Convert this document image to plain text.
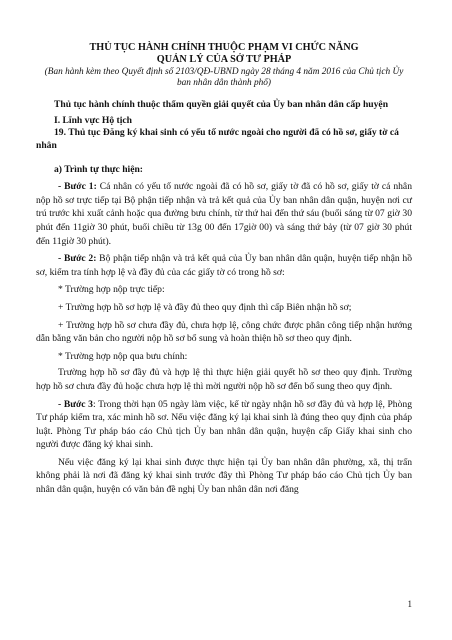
THỦ TỤC HÀNH CHÍNH THUỘC PHẠM VI CHỨC NĂNG

QUẢN LÝ CỦA SỞ TƯ PHÁP

(Ban hành kèm theo Quyết định số 2103/QĐ-UBND ngày 28 tháng 4 năm 2016 của Chủ tịch Ủy ban nhân dân thành phố)

Thủ tục hành chính thuộc thẩm quyền giải quyết của Ủy ban nhân dân cấp huyện

I. Lĩnh vực Hộ tịch

19. Thủ tục Đăng ký khai sinh có yếu tố nước ngoài cho người đã có hồ sơ, giấy tờ cá nhân

a) Trình tự thực hiện:

- Bước 1: Cá nhân có yếu tố nước ngoài đã có hồ sơ, giấy tờ đã có hồ sơ, giấy tờ cá nhân nộp hồ sơ trực tiếp tại Bộ phận tiếp nhận và trả kết quả của Ủy ban nhân dân quận, huyện nơi cư trú trước khi xuất cảnh hoặc qua đường bưu chính, từ thứ hai đến thứ sáu (buổi sáng từ 07 giờ 30 phút đến 11giờ 30 phút, buổi chiều từ 13g 00 đến 17giờ 00) và sáng thứ bảy (từ 07 giờ 30 phút đến 11giờ 30 phút).

- Bước 2: Bộ phận tiếp nhận và trả kết quả của Ủy ban nhân dân quận, huyện tiếp nhận hồ sơ, kiểm tra tính hợp lệ và đầy đủ của các giấy tờ có trong hồ sơ:

* Trường hợp nộp trực tiếp:

+ Trường hợp hồ sơ hợp lệ và đầy đủ theo quy định thì cấp Biên nhận hồ sơ;

+ Trường hợp hồ sơ chưa đầy đủ, chưa hợp lệ, công chức được phân công tiếp nhận hướng dẫn bằng văn bản cho người nộp hồ sơ bổ sung và hoàn thiện hồ sơ theo quy định.

* Trường hợp nộp qua bưu chính:

Trường hợp hồ sơ đầy đủ và hợp lệ thì thực hiện giải quyết hồ sơ theo quy định. Trường hợp hồ sơ chưa đầy đủ hoặc chưa hợp lệ thì mời người nộp hồ sơ đến bổ sung theo quy định.

- Bước 3: Trong thời hạn 05 ngày làm việc, kể từ ngày nhận hồ sơ đầy đủ và hợp lệ, Phòng Tư pháp kiểm tra, xác minh hồ sơ. Nếu việc đăng ký lại khai sinh là đúng theo quy định của pháp luật. Phòng Tư pháp báo cáo Chủ tịch Ủy ban nhân dân quận, huyện cấp Giấy khai sinh cho người được đăng ký khai sinh.

Nếu việc đăng ký lại khai sinh được thực hiện tại Ủy ban nhân dân phường, xã, thị trấn không phải là nơi đã đăng ký khai sinh trước đây thì Phòng Tư pháp báo cáo Chủ tịch Ủy ban nhân dân quận, huyện có văn bản đề nghị Ủy ban nhân dân nơi đăng

1
